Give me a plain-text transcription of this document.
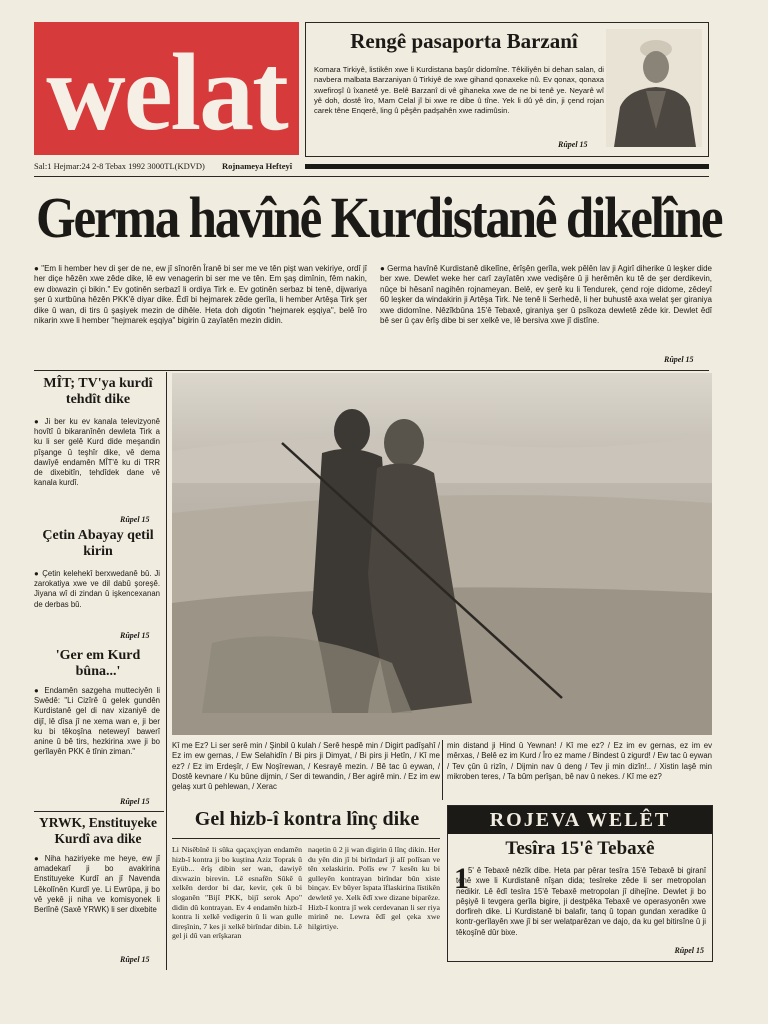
welat	Rengê pasaporta Barzanî
Komara Tirkiyê, listikên xwe li Kurdistana başûr didomîne. Têkiliyên bi dehan salan, di navbera malbata Barzaniyan û Tirkiyê de xwe gihand qonaxeke nû. Ev qonax, qonaxa xwefiroşî û îxanetê ye. Belê Barzanî di vê gihaneka xwe de ne bi tenê ye. Neyarê wî yê doh, dostê îro, Mam Celal jî bi xwe re dibe û tîne. Yek li dû yê din, ji çend rojan carek têne Enqerê, ling û pêşên padşahên xwe radimûsin.
Rûpel 15
Sal:1 Hejmar:24 2-8 Tebax 1992 3000TL(KDVD) Rojnameya Hefteyî
Germa havînê Kurdistanê dikelîne
● "Em li hember hev di şer de ne, ew jî sînorên Îranê bi ser me ve tên pişt wan vekiriye, ordî jî her diçe hêzên xwe zêde dike, lê ew venagerin bi ser me ve tên. Em şaş dimînin, fêm nakin, ew dixwazin çi bikin." Ev gotinên serbazî li ordiya Tirk e. Ev gotinên serbaz bi tenê, dijwariya şer û xurtbûna hêzên PKK'ê diyar dike. Êdî bi hejmarek zêde gerîla, li hember Artêşa Tirk şer dike û wan, di tirs û şaşiyek mezin de dihêle. Heta doh digotin "hejmarek eşqiya", belê îro nikarin xwe li hember "hejmarek eşqiya" bigirin û zayîatên mezin didin.
● Germa havînê Kurdistanê dikelîne, êrîşên gerîla, wek pêlên lav ji Agirî diherike û leşker dide ber xwe. Dewlet weke her carî zayîatên xwe vedişêre û ji herêmên ku tê de şer derdikevin, nûçe bi hêsanî nagihên rojnameyan. Belê, ev şerê ku li Tendurek, çend roje didome, zêdeyî 60 leşker da windakirin ji Artêşa Tirk. Ne tenê li Serhedê, li her buhustê axa welat şer giraniya xwe didomîne. Nêzîkbûna 15'ê Tebaxê, giraniya şer û psîkoza dewletê zêde kir. Dewlet êdî bê ser û çav êrîş dibe bi ser xelkê ve, lê bersiva xwe jî distîne.
Rûpel 15
MÎT; TV'ya kurdî tehdît dike
● Ji ber ku ev kanala televizyonê hovîtî û bikaranînên dewleta Tirk a ku li ser gelê Kurd dide meşandin pîşange û teşhîr dike, vê dema dawîyê endamên MÎT'ê ku di TRR de dixebitîn, tehdîdek dane vê kanala kurdî.
Rûpel 15
Çetin Abayay qetil kirin
● Çetin kelehekî berxwedanê bû. Ji zarokatiya xwe ve dil dabû şoreşê. Jiyana wî di zindan û işkencexanan de derbas bû.
Rûpel 15
'Ger em Kurd bûna...'
● Endamên sazgeha mutteciyên li Swêdê: "Li Cizîrê û gelek gundên Kurdistanê gel di nav xizaniyê de dijî, lê dîsa jî ne xema wan e, ji ber ku bi têkoşîna neteweyî bawerî anine û bê tirs, hezkirina xwe ji bo gerîlayên PKK ê tînin ziman."
Rûpel 15
YRWK, Enstituyeke Kurdî ava dike
● Niha haziriyeke me heye, ew jî amadekarî ji bo avakirina Enstituyeke Kurdî an jî Navenda Lêkolînên Kurdî ye. Li Ewrûpa, ji bo vê yekê ji niha ve komisyonek li Berlînê (Saxê YRWK) li ser dixebite
Rûpel 15
Kî me Ez? Li ser serê min / Şinbil û kulah / Serê hespê min / Digirt padîşahî / Ez im ew gernas, / Ew Selahidîn / Bi pirs ji Dimyat, / Bi pirs ji Hetîn, / Kî me ez? / Ez im Erdeşîr, / Ew Noşîrewan, / Kesrayê mezin. / Bê tac û eywan, / Dostê kevnare / Ku bûne dijmin, / Ser di tewandin, / Ber agirê min. / Ez im ew gelaş xurt û pehlewan, / Xerac
min distand ji Hind û Yewnan! / Kî me ez? / Ez im ev gernas, ez im ev mêrxas, / Belê ez im Kurd / Îro ez mame / Bindest û zigurd! / Ew tac û eywan / Tev çûn û rizîn, / Dijmin nav û deng / Tev ji min dizîn!.. / Xistin laşê min mikroben teres, / Ta bûm perîşan, bê nav û nekes. / Kî me ez?
Gel hizb-î kontra lînç dike
Li Nisêbînê li sûka qaçaxçiyan endamên hizb-î kontra ji bo kuştina Aziz Toprak û Eyüb... êrîş dibin ser wan, dawiyê dixwazin birevin. Lê esnafên Sûkê û xelkên derdor bi dar, kevir, çek û bi sloganên "Bijî PKK, bijî serok Apo" didin dû kontrayan. Ev 4 endamên hizb-î kontra li xelkê vedigerin û li wan gulle direşînin, 7 kes ji xelkê birîndar dibin. Lê gel ji dû van erîşkaran
naqetin û 2 ji wan digirin û lînç dikin. Her du yên din jî bi birîndarî ji alî polîsan ve tên xelaskirin. Polîs ew 7 kesên ku bi gulleyên kontrayan birîndar bûn xiste binçav. Ev bûyer îspata îflaskirina lîstikên dewletê ye. Xelk êdî xwe dizane biparêze. Hizb-î kontra jî wek cerdevanan li ser riya mirinê ne. Lewra êdî gel çeka xwe hilgirtiye.
ROJEVA WELÊT
Tesîra 15'ê Tebaxê
1 5' ê Tebaxê nêzîk dibe. Heta par pêrar tesîra 15'ê Tebaxê bi giranî tenê xwe li Kurdistanê nîşan dida; tesîreke zêde li ser metropolan nedikir. Lê êdî tesîra 15'ê Tebaxê metropolan jî dihejîne. Dewlet ji bo pêşiyê li tevgera gerîla bigire, ji destpêka Tebaxê ve operasyonên xwe dorfireh dike. Li Kurdistanê bi balafir, tanq û topan gundan xeradike û kontr-gerîlayên xwe jî bi ser welatparêzan ve dajo, da ku gel bitirsîne û ji têkoşînê dûr bixe.
Rûpel 15
